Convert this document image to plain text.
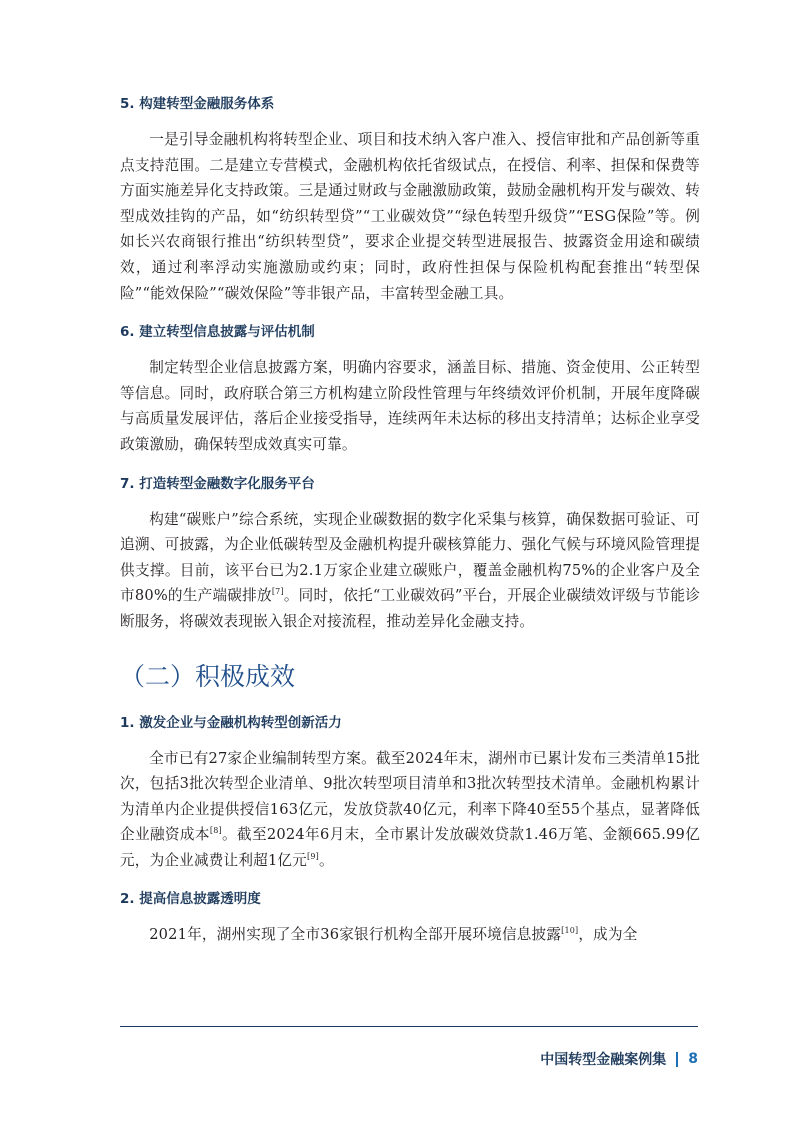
5. 构建转型金融服务体系

一是引导金融机构将转型企业、项目和技术纳入客户准入、授信审批和产品创新等重点支持范围。二是建立专营模式，金融机构依托省级试点，在授信、利率、担保和保费等方面实施差异化支持政策。三是通过财政与金融激励政策，鼓励金融机构开发与碳效、转型成效挂钩的产品，如“纺织转型贷”“工业碳效贷”“绿色转型升级贷”“ESG保险”等。例如长兴农商银行推出“纺织转型贷”，要求企业提交转型进展报告、披露资金用途和碳绩效，通过利率浮动实施激励或约束；同时，政府性担保与保险机构配套推出“转型保险”“能效保险”“碳效保险”等非银产品，丰富转型金融工具。

6. 建立转型信息披露与评估机制

制定转型企业信息披露方案，明确内容要求，涵盖目标、措施、资金使用、公正转型等信息。同时，政府联合第三方机构建立阶段性管理与年终绩效评价机制，开展年度降碳与高质量发展评估，落后企业接受指导，连续两年未达标的移出支持清单；达标企业享受政策激励，确保转型成效真实可靠。

7. 打造转型金融数字化服务平台

构建“碳账户”综合系统，实现企业碳数据的数字化采集与核算，确保数据可验证、可追溯、可披露，为企业低碳转型及金融机构提升碳核算能力、强化气候与环境风险管理提供支撑。目前，该平台已为2.1万家企业建立碳账户，覆盖金融机构75%的企业客户及全市80%的生产端碳排放[7]。同时，依托“工业碳效码”平台，开展企业碳绩效评级与节能诊断服务，将碳效表现嵌入银企对接流程，推动差异化金融支持。

（二）积极成效

1. 激发企业与金融机构转型创新活力

全市已有27家企业编制转型方案。截至2024年末，湖州市已累计发布三类清单15批次，包括3批次转型企业清单、9批次转型项目清单和3批次转型技术清单。金融机构累计为清单内企业提供授信163亿元，发放贷款40亿元，利率下降40至55个基点，显著降低企业融资成本[8]。截至2024年6月末，全市累计发放碳效贷款1.46万笔、金额665.99亿元，为企业减费让利超1亿元[9]。

2. 提高信息披露透明度

2021年，湖州实现了全市36家银行机构全部开展环境信息披露[10]，成为全

中国转型金融案例集 8
